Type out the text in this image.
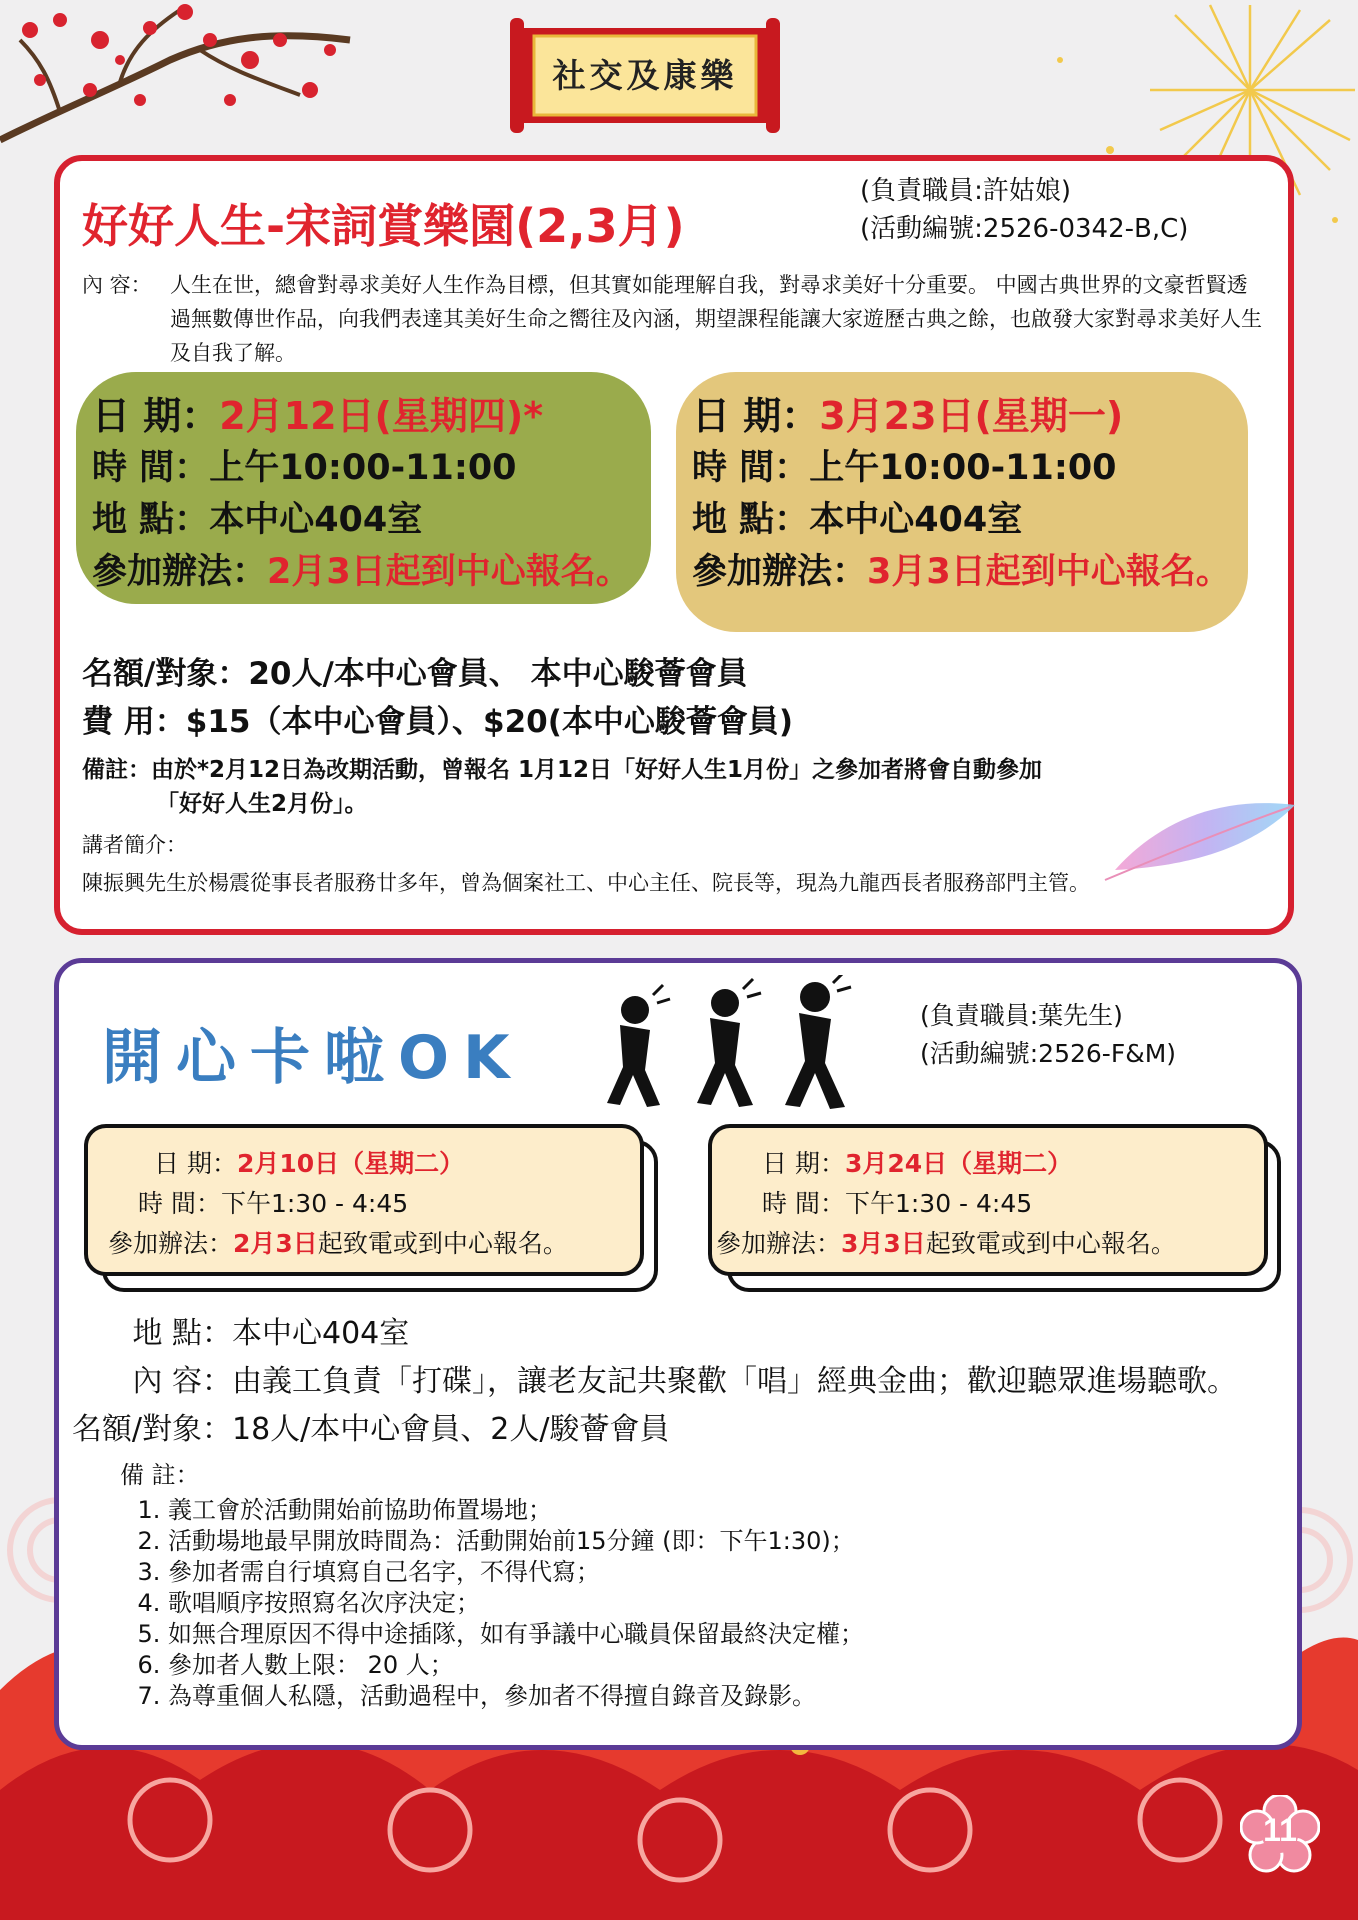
社交及康樂
好好人生-宋詞賞樂園(2,3月)
(負責職員:許姑娘)
(活動編號:2526-0342-B,C)
內 容： 人生在世，總會對尋求美好人生作為目標，但其實如能理解自我，對尋求美好十分重要。 中國古典世界的文豪哲賢透過無數傳世作品，向我們表達其美好生命之嚮往及內涵，期望課程能讓大家遊歷古典之餘，也啟發大家對尋求美好人生及自我了解。
日 期：2月12日(星期四)*
時 間：上午10:00-11:00
地 點：本中心404室
參加辦法：2月3日起到中心報名。
日 期：3月23日(星期一)
時 間：上午10:00-11:00
地 點：本中心404室
參加辦法：3月3日起到中心報名。
名額/對象：20人/本中心會員、 本中心駿薈會員
費 用：$15（本中心會員）、$20(本中心駿薈會員)
備註：由於*2月12日為改期活動，曾報名 1月12日「好好人生1月份」之參加者將會自動參加
「好好人生2月份」。
講者簡介：
陳振興先生於楊震從事長者服務廿多年，曾為個案社工、中心主任、院長等，現為九龍西長者服務部門主管。
開心卡啦OK
(負責職員:葉先生)
(活動編號:2526-F&M)
日 期：2月10日（星期二）
時 間：下午1:30 - 4:45
參加辦法：2月3日起致電或到中心報名。
日 期：3月24日（星期二）
時 間：下午1:30 - 4:45
參加辦法：3月3日起致電或到中心報名。
地 點：本中心404室
內 容：由義工負責「打碟」，讓老友記共聚歡「唱」經典金曲；歡迎聽眾進場聽歌。
名額/對象：18人/本中心會員、2人/駿薈會員
備 註：
1. 義工會於活動開始前協助佈置場地；
2. 活動場地最早開放時間為：活動開始前15分鐘 (即：下午1:30)；
3. 參加者需自行填寫自己名字，不得代寫；
4. 歌唱順序按照寫名次序決定；
5. 如無合理原因不得中途插隊，如有爭議中心職員保留最終決定權；
6. 參加者人數上限： 20 人；
7. 為尊重個人私隱，活動過程中，參加者不得擅自錄音及錄影。
11
